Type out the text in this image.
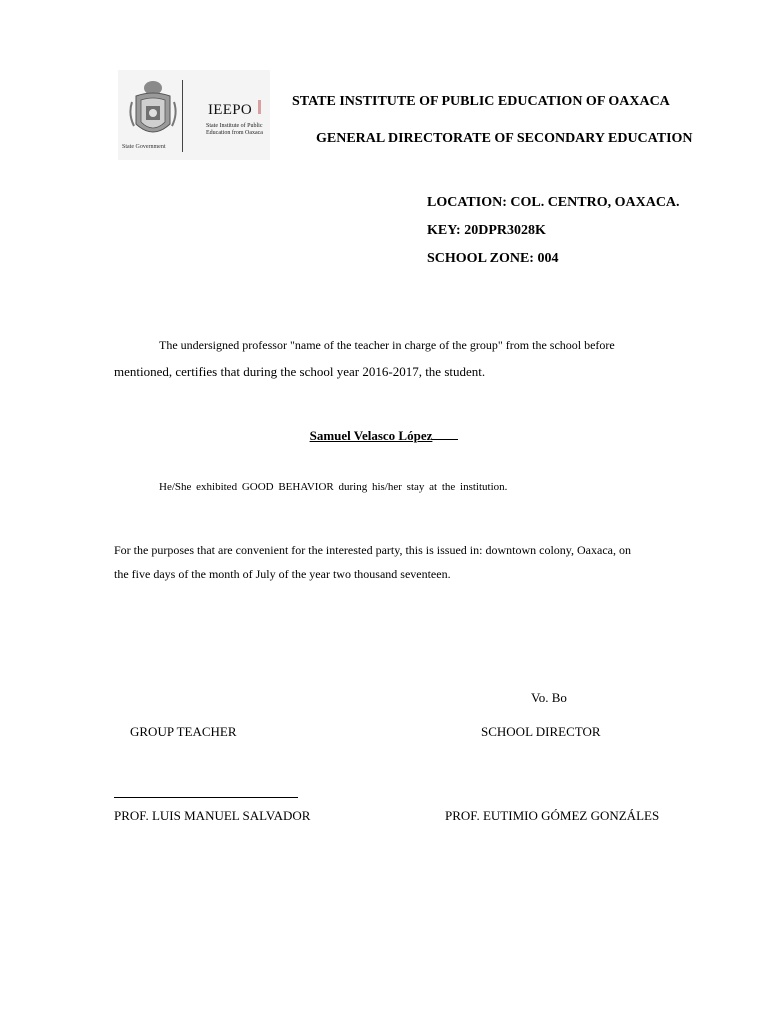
State Government
IEEPO
State Institute of Public Education from Oaxaca
STATE INSTITUTE OF PUBLIC EDUCATION OF OAXACA
GENERAL DIRECTORATE OF SECONDARY EDUCATION
LOCATION: COL. CENTRO, OAXACA.
KEY: 20DPR3028K
SCHOOL ZONE: 004
The undersigned professor "name of the teacher in charge of the group" from the school before
mentioned, certifies that during the school year 2016-2017, the student.
Samuel Velasco López
He/She exhibited GOOD BEHAVIOR during his/her stay at the institution.
For the purposes that are convenient for the interested party, this is issued in: downtown colony, Oaxaca, on
the five days of the month of July of the year two thousand seventeen.
Vo. Bo
GROUP TEACHER	SCHOOL DIRECTOR
PROF. LUIS MANUEL SALVADOR	PROF. EUTIMIO GÓMEZ GONZÁLES
